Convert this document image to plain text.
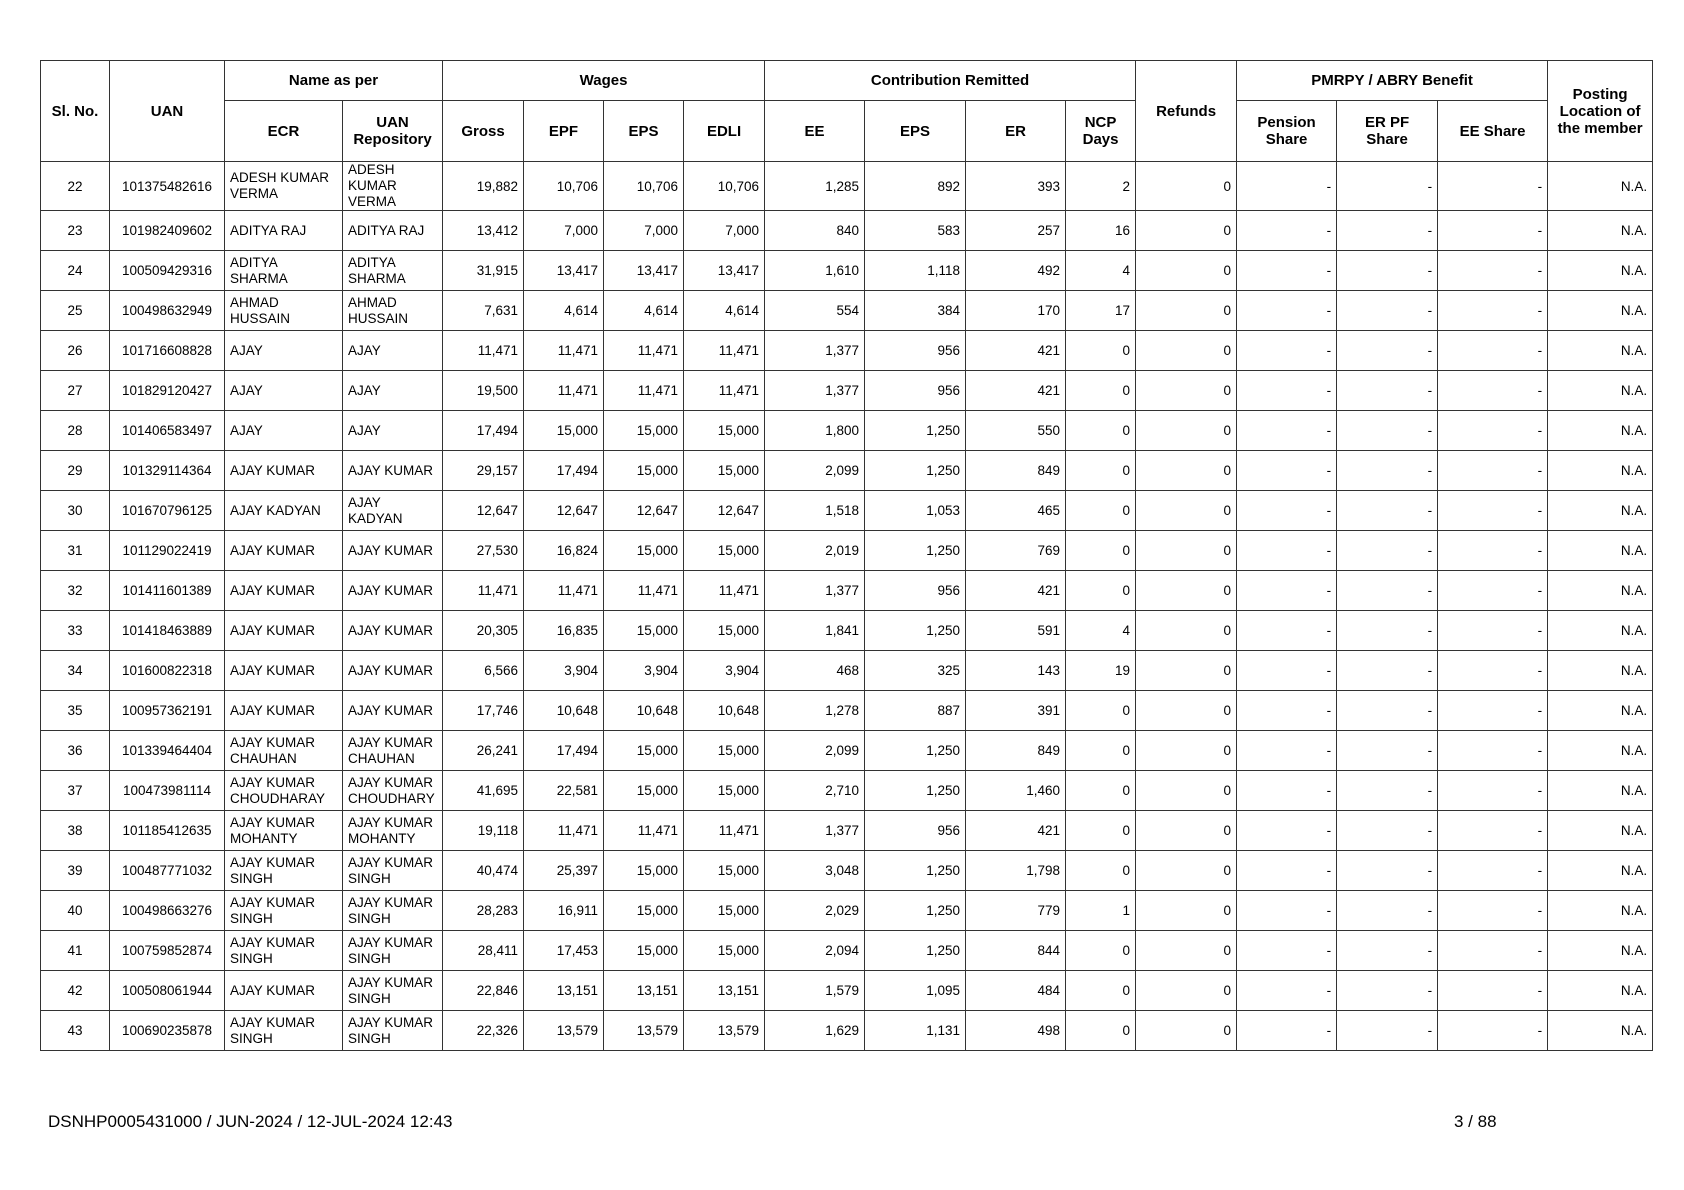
Sl. No.	UAN	Name as per		Wages				Contribution Remitted				Refunds	PMRPY / ABRY Benefit			Posting Location of the member
		ECR	UAN Repository	Gross	EPF	EPS	EDLI	EE	EPS	ER	NCP Days		Pension Share	ER PF Share	EE Share	
22	101375482616	ADESH KUMAR VERMA	ADESH KUMAR VERMA	19,882	10,706	10,706	10,706	1,285	892	393	2	0	-	-	-	N.A.
23	101982409602	ADITYA RAJ	ADITYA RAJ	13,412	7,000	7,000	7,000	840	583	257	16	0	-	-	-	N.A.
24	100509429316	ADITYA SHARMA	ADITYA SHARMA	31,915	13,417	13,417	13,417	1,610	1,118	492	4	0	-	-	-	N.A.
25	100498632949	AHMAD HUSSAIN	AHMAD HUSSAIN	7,631	4,614	4,614	4,614	554	384	170	17	0	-	-	-	N.A.
26	101716608828	AJAY	AJAY	11,471	11,471	11,471	11,471	1,377	956	421	0	0	-	-	-	N.A.
27	101829120427	AJAY	AJAY	19,500	11,471	11,471	11,471	1,377	956	421	0	0	-	-	-	N.A.
28	101406583497	AJAY	AJAY	17,494	15,000	15,000	15,000	1,800	1,250	550	0	0	-	-	-	N.A.
29	101329114364	AJAY KUMAR	AJAY KUMAR	29,157	17,494	15,000	15,000	2,099	1,250	849	0	0	-	-	-	N.A.
30	101670796125	AJAY KADYAN	AJAY KADYAN	12,647	12,647	12,647	12,647	1,518	1,053	465	0	0	-	-	-	N.A.
31	101129022419	AJAY KUMAR	AJAY KUMAR	27,530	16,824	15,000	15,000	2,019	1,250	769	0	0	-	-	-	N.A.
32	101411601389	AJAY KUMAR	AJAY KUMAR	11,471	11,471	11,471	11,471	1,377	956	421	0	0	-	-	-	N.A.
33	101418463889	AJAY KUMAR	AJAY KUMAR	20,305	16,835	15,000	15,000	1,841	1,250	591	4	0	-	-	-	N.A.
34	101600822318	AJAY KUMAR	AJAY KUMAR	6,566	3,904	3,904	3,904	468	325	143	19	0	-	-	-	N.A.
35	100957362191	AJAY KUMAR	AJAY KUMAR	17,746	10,648	10,648	10,648	1,278	887	391	0	0	-	-	-	N.A.
36	101339464404	AJAY KUMAR CHAUHAN	AJAY KUMAR CHAUHAN	26,241	17,494	15,000	15,000	2,099	1,250	849	0	0	-	-	-	N.A.
37	100473981114	AJAY KUMAR CHOUDHARAY	AJAY KUMAR CHOUDHARY	41,695	22,581	15,000	15,000	2,710	1,250	1,460	0	0	-	-	-	N.A.
38	101185412635	AJAY KUMAR MOHANTY	AJAY KUMAR MOHANTY	19,118	11,471	11,471	11,471	1,377	956	421	0	0	-	-	-	N.A.
39	100487771032	AJAY KUMAR SINGH	AJAY KUMAR SINGH	40,474	25,397	15,000	15,000	3,048	1,250	1,798	0	0	-	-	-	N.A.
40	100498663276	AJAY KUMAR SINGH	AJAY KUMAR SINGH	28,283	16,911	15,000	15,000	2,029	1,250	779	1	0	-	-	-	N.A.
41	100759852874	AJAY KUMAR SINGH	AJAY KUMAR SINGH	28,411	17,453	15,000	15,000	2,094	1,250	844	0	0	-	-	-	N.A.
42	100508061944	AJAY KUMAR	AJAY KUMAR SINGH	22,846	13,151	13,151	13,151	1,579	1,095	484	0	0	-	-	-	N.A.
43	100690235878	AJAY KUMAR SINGH	AJAY KUMAR SINGH	22,326	13,579	13,579	13,579	1,629	1,131	498	0	0	-	-	-	N.A.
DSNHP0005431000 / JUN-2024 / 12-JUL-2024 12:43	3 / 88
